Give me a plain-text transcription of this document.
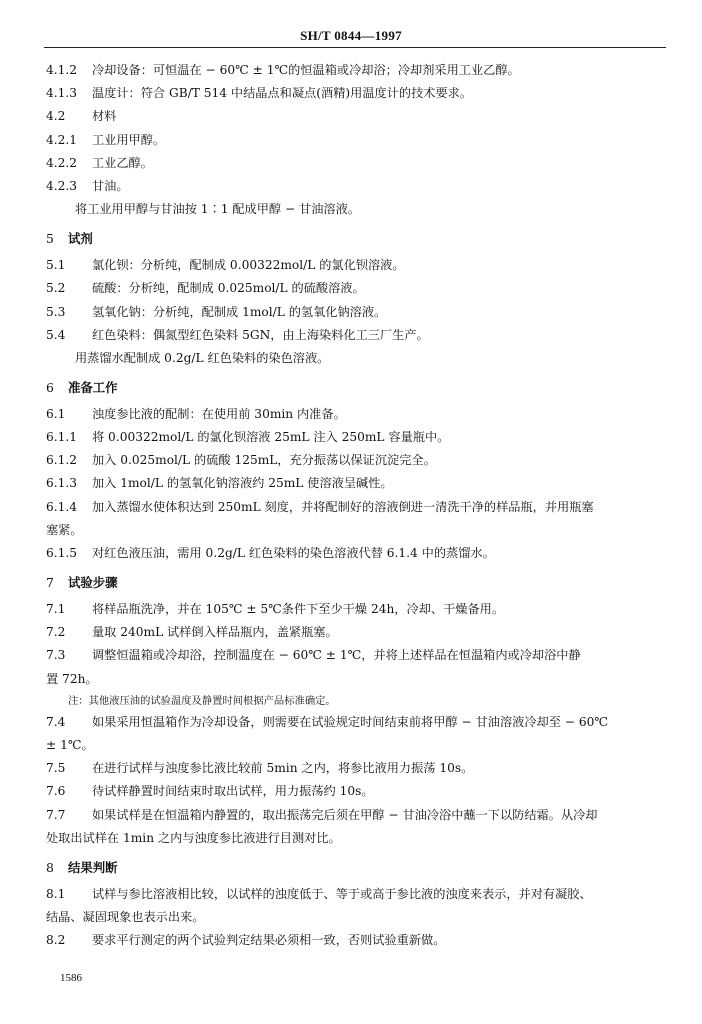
SH/T 0844—1997
4.1.2 冷却设备：可恒温在 − 60℃ ± 1℃的恒温箱或冷却浴；冷却剂采用工业乙醇。
4.1.3 温度计：符合 GB/T 514 中结晶点和凝点(酒精)用温度计的技术要求。
4.2 材料
4.2.1 工业用甲醇。
4.2.2 工业乙醇。
4.2.3 甘油。
将工业用甲醇与甘油按 1∶1 配成甲醇 − 甘油溶液。
5 试剂
5.1 氯化钡：分析纯，配制成 0.00322mol/L 的氯化钡溶液。
5.2 硫酸：分析纯，配制成 0.025mol/L 的硫酸溶液。
5.3 氢氧化钠：分析纯，配制成 1mol/L 的氢氧化钠溶液。
5.4 红色染料：偶氮型红色染料 5GN，由上海染料化工三厂生产。
用蒸馏水配制成 0.2g/L 红色染料的染色溶液。
6 准备工作
6.1 浊度参比液的配制：在使用前 30min 内准备。
6.1.1 将 0.00322mol/L 的氯化钡溶液 25mL 注入 250mL 容量瓶中。
6.1.2 加入 0.025mol/L 的硫酸 125mL，充分振荡以保证沉淀完全。
6.1.3 加入 1mol/L 的氢氧化钠溶液约 25mL 使溶液呈碱性。
6.1.4 加入蒸馏水使体积达到 250mL 刻度，并将配制好的溶液倒进一清洗干净的样品瓶，并用瓶塞
塞紧。
6.1.5 对红色液压油，需用 0.2g/L 红色染料的染色溶液代替 6.1.4 中的蒸馏水。
7 试验步骤
7.1 将样品瓶洗净，并在 105℃ ± 5℃条件下至少干燥 24h，冷却、干燥备用。
7.2 量取 240mL 试样倒入样品瓶内，盖紧瓶塞。
7.3 调整恒温箱或冷却浴，控制温度在 − 60℃ ± 1℃，并将上述样品在恒温箱内或冷却浴中静
置 72h。
注：其他液压油的试验温度及静置时间根据产品标准确定。
7.4 如果采用恒温箱作为冷却设备，则需要在试验规定时间结束前将甲醇 − 甘油溶液冷却至 − 60℃
± 1℃。
7.5 在进行试样与浊度参比液比较前 5min 之内，将参比液用力振荡 10s。
7.6 待试样静置时间结束时取出试样，用力振荡约 10s。
7.7 如果试样是在恒温箱内静置的，取出振荡完后须在甲醇 − 甘油冷浴中蘸一下以防结霜。从冷却
处取出试样在 1min 之内与浊度参比液进行目测对比。
8 结果判断
8.1 试样与参比溶液相比较，以试样的浊度低于、等于或高于参比液的浊度来表示，并对有凝胶、
结晶、凝固现象也表示出来。
8.2 要求平行测定的两个试验判定结果必须相一致，否则试验重新做。
1586
